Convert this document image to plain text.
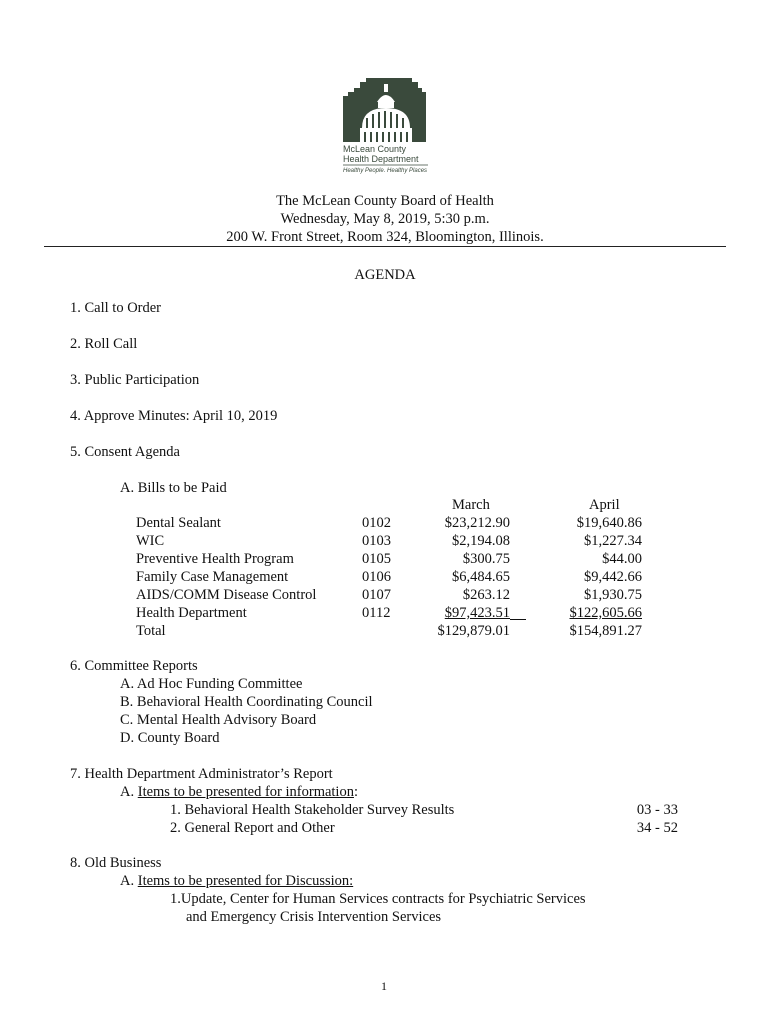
McLean County
Health Department
Healthy People. Healthy Places
The McLean County Board of Health
Wednesday, May 8, 2019, 5:30 p.m.
200 W. Front Street, Room 324, Bloomington, Illinois.
AGENDA
1. Call to Order
2. Roll Call
3. Public Participation
4. Approve Minutes: April 10, 2019
5. Consent Agenda
A. Bills to be Paid
March	April
Dental Sealant	0102	$23,212.90	$19,640.86
WIC	0103	$2,194.08	$1,227.34
Preventive Health Program	0105	$300.75	$44.00
Family Case Management	0106	$6,484.65	$9,442.66
AIDS/COMM Disease Control	0107	$263.12	$1,930.75
Health Department	0112	$97,423.51	$122,605.66
Total	$129,879.01	$154,891.27
6. Committee Reports
A. Ad Hoc Funding Committee
B. Behavioral Health Coordinating Council
C. Mental Health Advisory Board
D. County Board
7. Health Department Administrator’s Report
A. Items to be presented for information:
1. Behavioral Health Stakeholder Survey Results	03 - 33
2. General Report and Other	34 - 52
8. Old Business
A. Items to be presented for Discussion:
1.Update, Center for Human Services contracts for Psychiatric Services
and Emergency Crisis Intervention Services
1
